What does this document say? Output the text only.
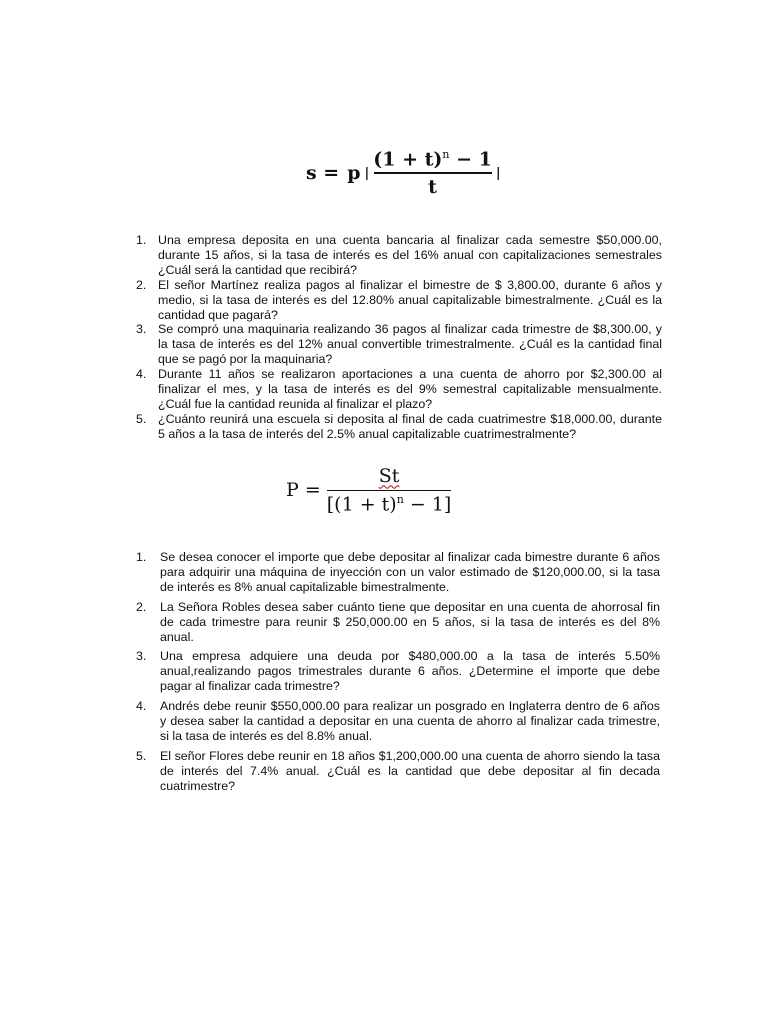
s = p | $\frac{(1 + t)^n - 1}{t}$ |
1. Una empresa deposita en una cuenta bancaria al finalizar cada semestre $50,000.00, durante 15 años, si la tasa de interés es del 16% anual con capitalizaciones semestrales ¿Cuál será la cantidad que recibirá?
2. El señor Martínez realiza pagos al finalizar el bimestre de $ 3,800.00, durante 6 años y medio, si la tasa de interés es del 12.80% anual capitalizable bimestralmente. ¿Cuál es la cantidad que pagará?
3. Se compró una maquinaria realizando 36 pagos al finalizar cada trimestre de $8,300.00, y la tasa de interés es del 12% anual convertible trimestralmente. ¿Cuál es la cantidad final que se pagó por la maquinaria?
4. Durante 11 años se realizaron aportaciones a una cuenta de ahorro por $2,300.00 al finalizar el mes, y la tasa de interés es del 9% semestral capitalizable mensualmente. ¿Cuál fue la cantidad reunida al finalizar el plazo?
5. ¿Cuánto reunirá una escuela si deposita al final de cada cuatrimestre $18,000.00, durante 5 años a la tasa de interés del 2.5% anual capitalizable cuatrimestralmente?
$P = \frac{St}{[(1 + t)^n - 1]}$
1. Se desea conocer el importe que debe depositar al finalizar cada bimestre durante 6 años para adquirir una máquina de inyección con un valor estimado de $120,000.00, si la tasa de interés es 8% anual capitalizable bimestralmente.
2. La Señora Robles desea saber cuánto tiene que depositar en una cuenta de ahorrosal fin de cada trimestre para reunir $ 250,000.00 en 5 años, si la tasa de interés es del 8% anual.
3. Una empresa adquiere una deuda por $480,000.00 a la tasa de interés 5.50% anual,realizando pagos trimestrales durante 6 años. ¿Determine el importe que debe pagar al finalizar cada trimestre?
4. Andrés debe reunir $550,000.00 para realizar un posgrado en Inglaterra dentro de 6 años y desea saber la cantidad a depositar en una cuenta de ahorro al finalizar cada trimestre, si la tasa de interés es del 8.8% anual.
5. El señor Flores debe reunir en 18 años $1,200,000.00 una cuenta de ahorro siendo la tasa de interés del 7.4% anual. ¿Cuál es la cantidad que debe depositar al fin decada cuatrimestre?
